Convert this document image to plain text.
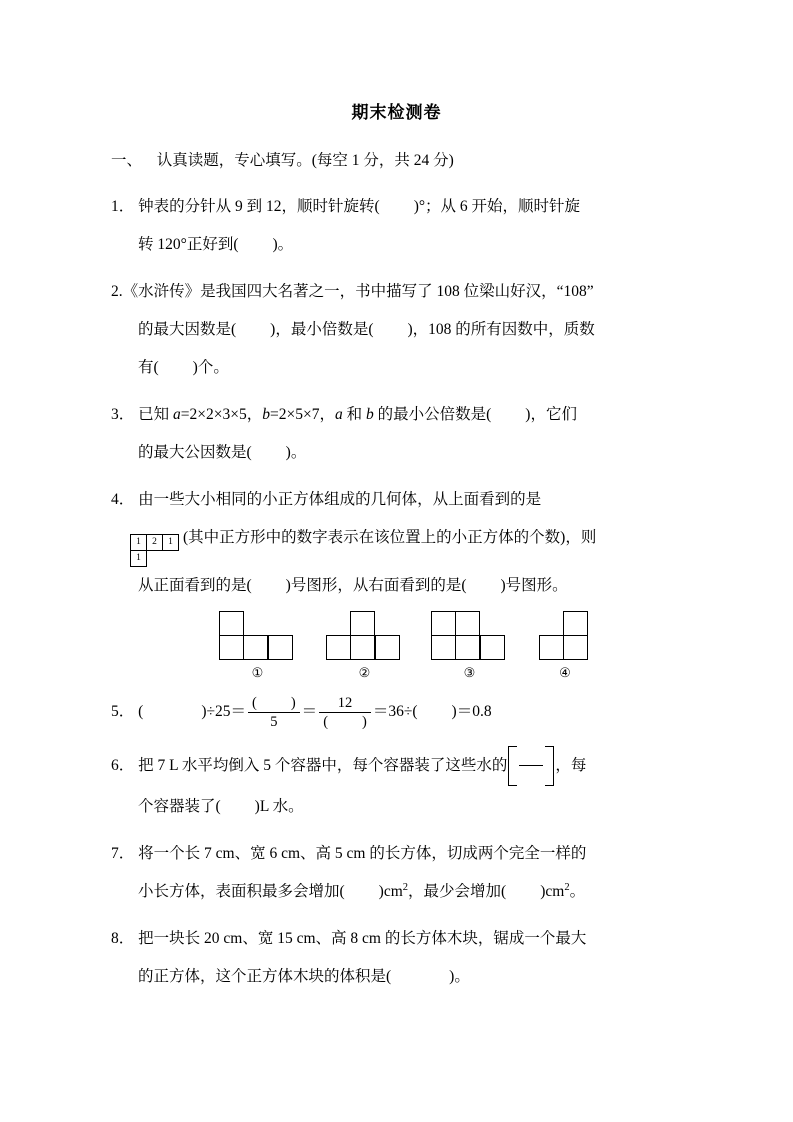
期末检测卷
一、 认真读题，专心填写。(每空 1 分，共 24 分)
1． 钟表的分针从 9 到 12，顺时针旋转( )°；从 6 开始，顺时针旋
转 120°正好到( )。
2.《水浒传》是我国四大名著之一，书中描写了 108 位梁山好汉，“108”
的最大因数是( )，最小倍数是( )，108 的所有因数中，质数
有( )个。
3． 已知 a=2×2×3×5，b=2×5×7，a 和 b 的最小公倍数是( )，它们
的最大公因数是( )。
4． 由一些大小相同的小正方体组成的几何体，从上面看到的是
1 2 1
1
(其中正方形中的数字表示在该位置上的小正方体的个数)，则
从正面看到的是( )号图形，从右面看到的是( )号图形。
①	②	③	④
5． (	)$\div 25= \frac{( )}{5} = \frac{12}{( )} =36\div$( )＝0.8
6． 把 7 L 水平均倒入 5 个容器中，每个容器装了这些水的	，每
个容器装了( )L 水。
7． 将一个长 7 cm、宽 6 cm、高 5 cm 的长方体，切成两个完全一样的
小长方体，表面积最多会增加( )$cm^2$，最少会增加( )$cm^2$。
8． 把一块长 20 cm、宽 15 cm、高 8 cm 的长方体木块，锯成一个最大
的正方体，这个正方体木块的体积是(	)。
